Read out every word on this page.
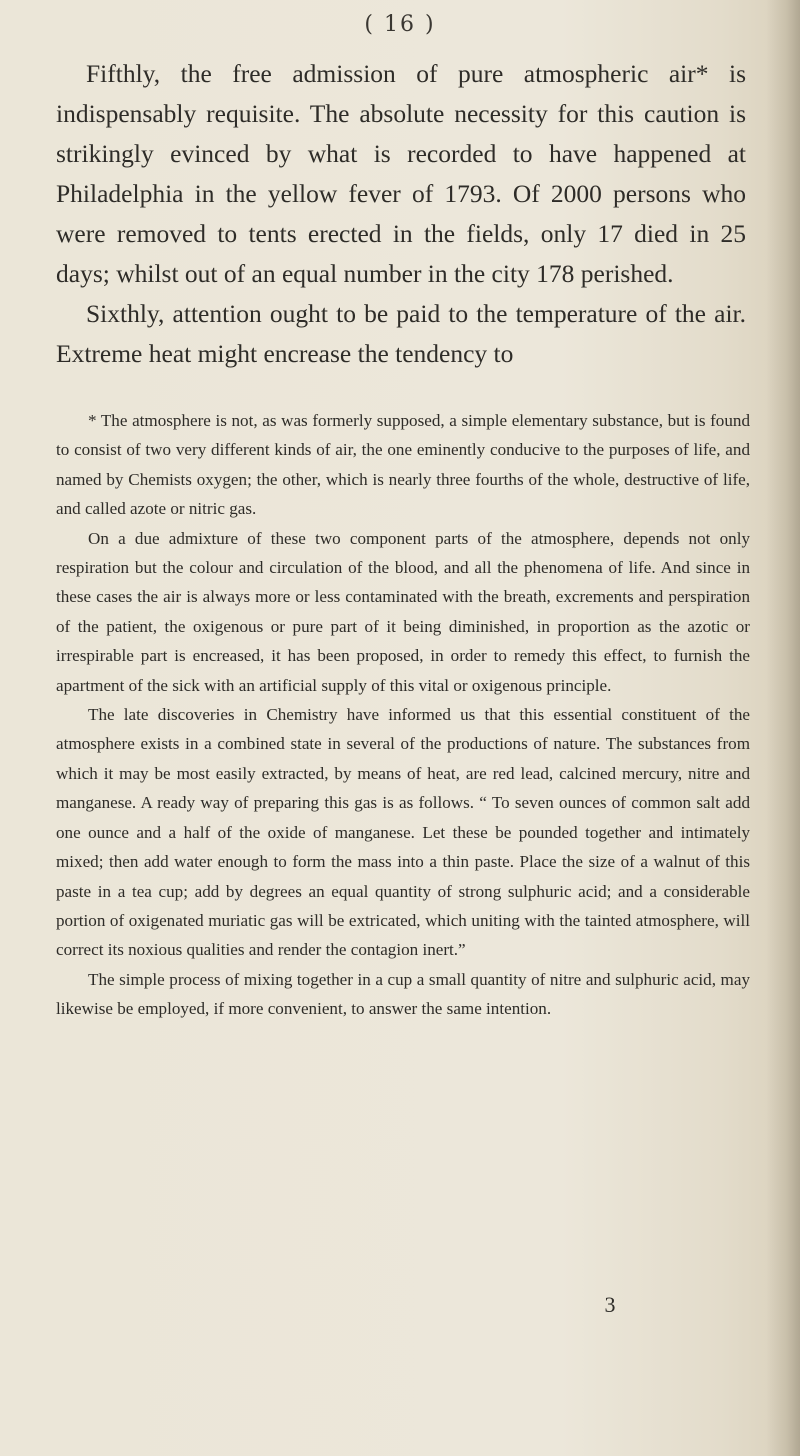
( 16 )

Fifthly, the free admission of pure atmospheric air* is indispensably requisite. The absolute necessity for this caution is strikingly evinced by what is recorded to have happened at Philadelphia in the yellow fever of 1793. Of 2000 persons who were removed to tents erected in the fields, only 17 died in 25 days; whilst out of an equal number in the city 178 perished.

Sixthly, attention ought to be paid to the temperature of the air. Extreme heat might encrease the tendency to

* The atmosphere is not, as was formerly supposed, a simple elementary substance, but is found to consist of two very different kinds of air, the one eminently conducive to the purposes of life, and named by Chemists oxygen; the other, which is nearly three fourths of the whole, destructive of life, and called azote or nitric gas.

On a due admixture of these two component parts of the atmosphere, depends not only respiration but the colour and circulation of the blood, and all the phenomena of life. And since in these cases the air is always more or less contaminated with the breath, excrements and perspiration of the patient, the oxigenous or pure part of it being diminished, in proportion as the azotic or irrespirable part is encreased, it has been proposed, in order to remedy this effect, to furnish the apartment of the sick with an artificial supply of this vital or oxigenous principle.

The late discoveries in Chemistry have informed us that this essential constituent of the atmosphere exists in a combined state in several of the productions of nature. The substances from which it may be most easily extracted, by means of heat, are red lead, calcined mercury, nitre and manganese. A ready way of preparing this gas is as follows. “ To seven ounces of common salt add one ounce and a half of the oxide of manganese. Let these be pounded together and intimately mixed; then add water enough to form the mass into a thin paste. Place the size of a walnut of this paste in a tea cup; add by degrees an equal quantity of strong sulphuric acid; and a considerable portion of oxigenated muriatic gas will be extricated, which uniting with the tainted atmosphere, will correct its noxious qualities and render the contagion inert.”

The simple process of mixing together in a cup a small quantity of nitre and sulphuric acid, may likewise be employed, if more convenient, to answer the same intention.

3
